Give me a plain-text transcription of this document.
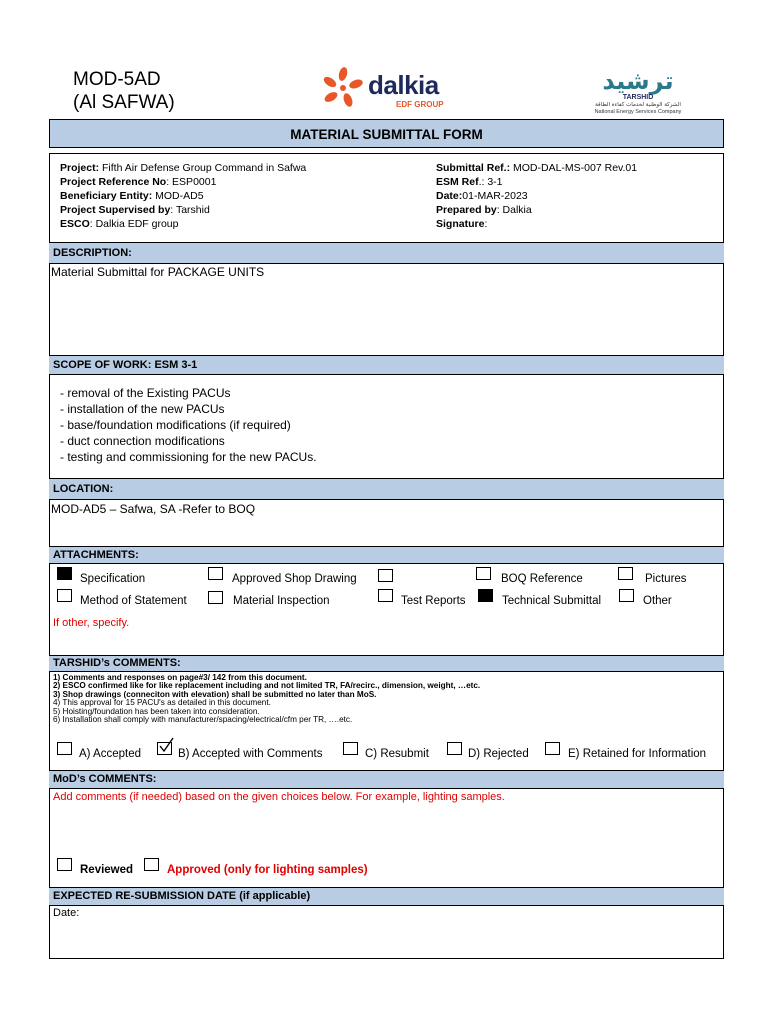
MOD-5AD
(Al SAFWA)
dalkia
EDF GROUP
ترشيد
TARSHID
الشركة الوطنية لخدمات كفاءة الطاقة
National Energy Services Company
MATERIAL SUBMITTAL FORM
Project: Fifth Air Defense Group Command in Safwa
Project Reference No: ESP0001
Beneficiary Entity: MOD-AD5
Project Supervised by: Tarshid
ESCO: Dalkia EDF group
Submittal Ref.: MOD-DAL-MS-007 Rev.01
ESM Ref.: 3-1
Date:01-MAR-2023
Prepared by: Dalkia
Signature:
DESCRIPTION:
Material Submittal for PACKAGE UNITS
SCOPE OF WORK: ESM 3-1
- removal of the Existing PACUs
- installation of the new PACUs
- base/foundation modifications (if required)
- duct connection modifications
- testing and commissioning for the new PACUs.
LOCATION:
MOD-AD5 – Safwa, SA -Refer to BOQ
ATTACHMENTS:
Specification	Approved Shop Drawing	BOQ Reference	Pictures
Method of Statement	Material Inspection	Test Reports	Technical Submittal	Other
If other, specify.
TARSHID’s COMMENTS:
1) Comments and responses on page#3/ 142 from this document.
2) ESCO confirmed like for like replacement including and not limited TR, FA/recirc., dimension, weight, …etc.
3) Shop drawings (conneciton with elevation) shall be submitted no later than MoS.
4) This approval for 15 PACU's as detailed in this document.
5) Hoisting/foundation has been taken into consideration.
6) Installation shall comply with manufacturer/spacing/electrical/cfm per TR, ….etc.
A) Accepted	B) Accepted with Comments	C) Resubmit	D) Rejected	E) Retained for Information
MoD’s COMMENTS:
Add comments (if needed) based on the given choices below. For example, lighting samples.
Reviewed	Approved (only for lighting samples)
EXPECTED RE-SUBMISSION DATE (if applicable)
Date:
